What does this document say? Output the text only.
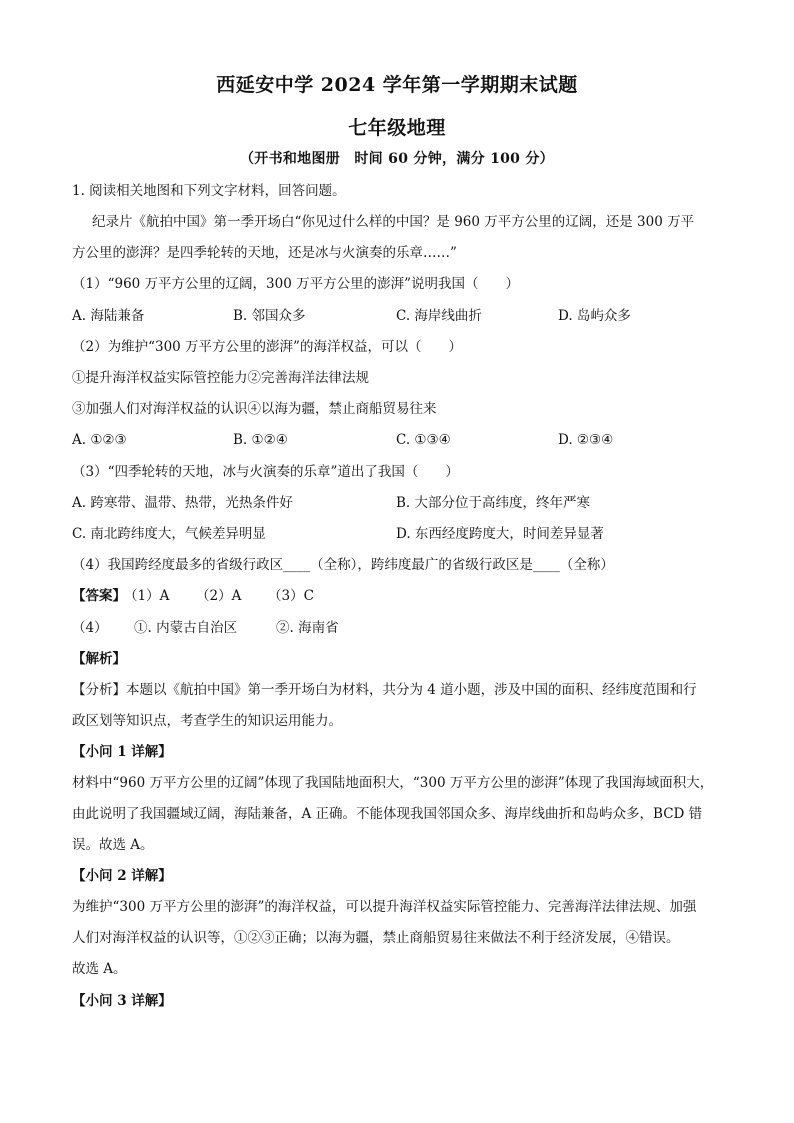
西延安中学 2024 学年第一学期期末试题
七年级地理
（开书和地图册　时间 60 分钟，满分 100 分）
1. 阅读相关地图和下列文字材料，回答问题。
纪录片《航拍中国》第一季开场白“你见过什么样的中国？是 960 万平方公里的辽阔，还是 300 万平
方公里的澎湃？是四季轮转的天地，还是冰与火演奏的乐章……”
（1）“960 万平方公里的辽阔，300 万平方公里的澎湃”说明我国（　　）
A. 海陆兼备	B. 邻国众多	C. 海岸线曲折	D. 岛屿众多
（2）为维护“300 万平方公里的澎湃”的海洋权益，可以（　　）
①提升海洋权益实际管控能力②完善海洋法律法规
③加强人们对海洋权益的认识④以海为疆，禁止商船贸易往来
A. ①②③	B. ①②④	C. ①③④	D. ②③④
（3）“四季轮转的天地，冰与火演奏的乐章”道出了我国（　　）
A. 跨寒带、温带、热带，光热条件好	B. 大部分位于高纬度，终年严寒
C. 南北跨纬度大，气候差异明显	D. 东西经度跨度大，时间差异显著
（4）我国跨经度最多的省级行政区____（全称），跨纬度最广的省级行政区是____（全称）
【答案】
（1）A （2）A （3）C
（4） ①. 内蒙古自治区	②. 海南省
【解析】
【分析】本题以《航拍中国》第一季开场白为材料，共分为 4 道小题，涉及中国的面积、经纬度范围和行
政区划等知识点，考查学生的知识运用能力。
【小问 1 详解】
材料中“960 万平方公里的辽阔”体现了我国陆地面积大，“300 万平方公里的澎湃”体现了我国海域面积大，
由此说明了我国疆域辽阔，海陆兼备，A 正确。不能体现我国邻国众多、海岸线曲折和岛屿众多，BCD 错
误。故选 A。
【小问 2 详解】
为维护“300 万平方公里的澎湃”的海洋权益，可以提升海洋权益实际管控能力、完善海洋法律法规、加强
人们对海洋权益的认识等，①②③正确；以海为疆，禁止商船贸易往来做法不利于经济发展，④错误。
故选 A。
【小问 3 详解】
